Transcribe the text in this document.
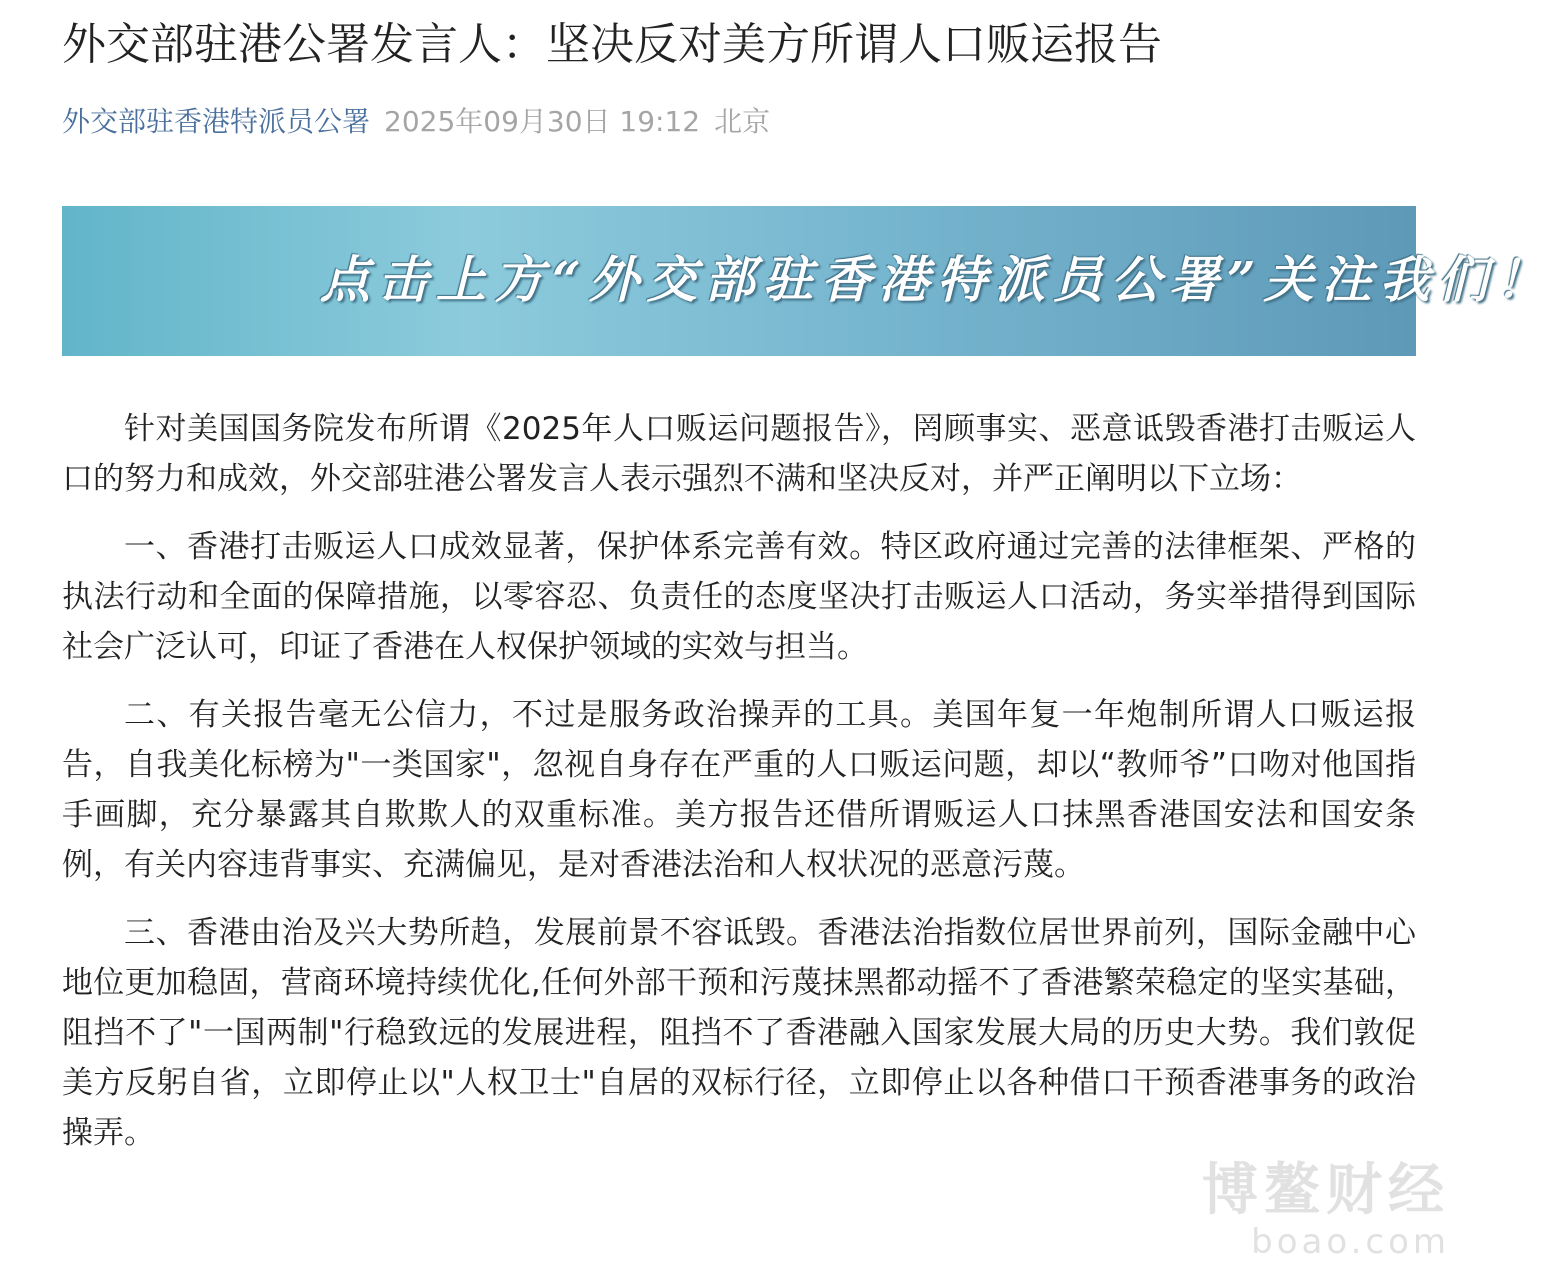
外交部驻港公署发言人：坚决反对美方所谓人口贩运报告
外交部驻香港特派员公署 2025年09月30日 19:12 北京
点击上方“外交部驻香港特派员公署”关注我们！

针对美国国务院发布所谓《2025年人口贩运问题报告》，罔顾事实、恶意诋毁香港打击贩运人口的努力和成效，外交部驻港公署发言人表示强烈不满和坚决反对，并严正阐明以下立场：

一、香港打击贩运人口成效显著，保护体系完善有效。特区政府通过完善的法律框架、严格的执法行动和全面的保障措施，以零容忍、负责任的态度坚决打击贩运人口活动，务实举措得到国际社会广泛认可，印证了香港在人权保护领域的实效与担当。

二、有关报告毫无公信力，不过是服务政治操弄的工具。美国年复一年炮制所谓人口贩运报告，自我美化标榜为"一类国家"，忽视自身存在严重的人口贩运问题，却以“教师爷”口吻对他国指手画脚，充分暴露其自欺欺人的双重标准。美方报告还借所谓贩运人口抹黑香港国安法和国安条例，有关内容违背事实、充满偏见，是对香港法治和人权状况的恶意污蔑。

三、香港由治及兴大势所趋，发展前景不容诋毁。香港法治指数位居世界前列，国际金融中心地位更加稳固，营商环境持续优化,任何外部干预和污蔑抹黑都动摇不了香港繁荣稳定的坚实基础，阻挡不了"一国两制"行稳致远的发展进程，阻挡不了香港融入国家发展大局的历史大势。我们敦促美方反躬自省，立即停止以"人权卫士"自居的双标行径，立即停止以各种借口干预香港事务的政治操弄。

博鳌财经
boao.com
